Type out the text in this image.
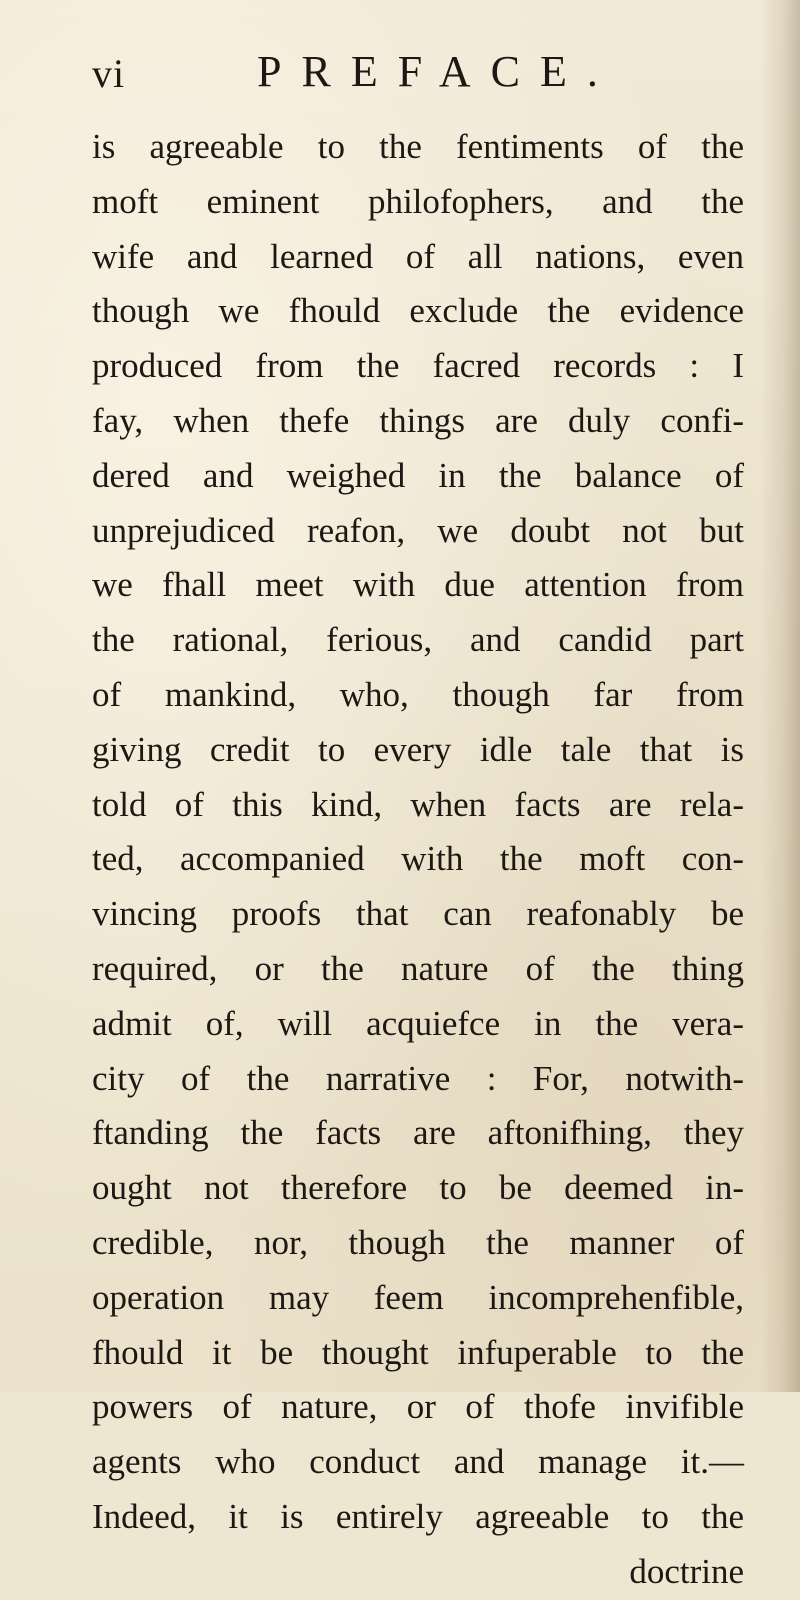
vi	PREFACE.
is agreeable to the fentiments of the
moft eminent philofophers, and the
wife and learned of all nations, even
though we fhould exclude the evidence
produced from the facred records : I
fay, when thefe things are duly confi-
dered and weighed in the balance of
unprejudiced reafon, we doubt not but
we fhall meet with due attention from
the rational, ferious, and candid part
of mankind, who, though far from
giving credit to every idle tale that is
told of this kind, when facts are rela-
ted, accompanied with the moft con-
vincing proofs that can reafonably be
required, or the nature of the thing
admit of, will acquiefce in the vera-
city of the narrative : For, notwith-
ftanding the facts are aftonifhing, they
ought not therefore to be deemed in-
credible, nor, though the manner of
operation may feem incomprehenfible,
fhould it be thought infuperable to the
powers of nature, or of thofe invifible
agents who conduct and manage it.—
Indeed, it is entirely agreeable to the
doctrine
